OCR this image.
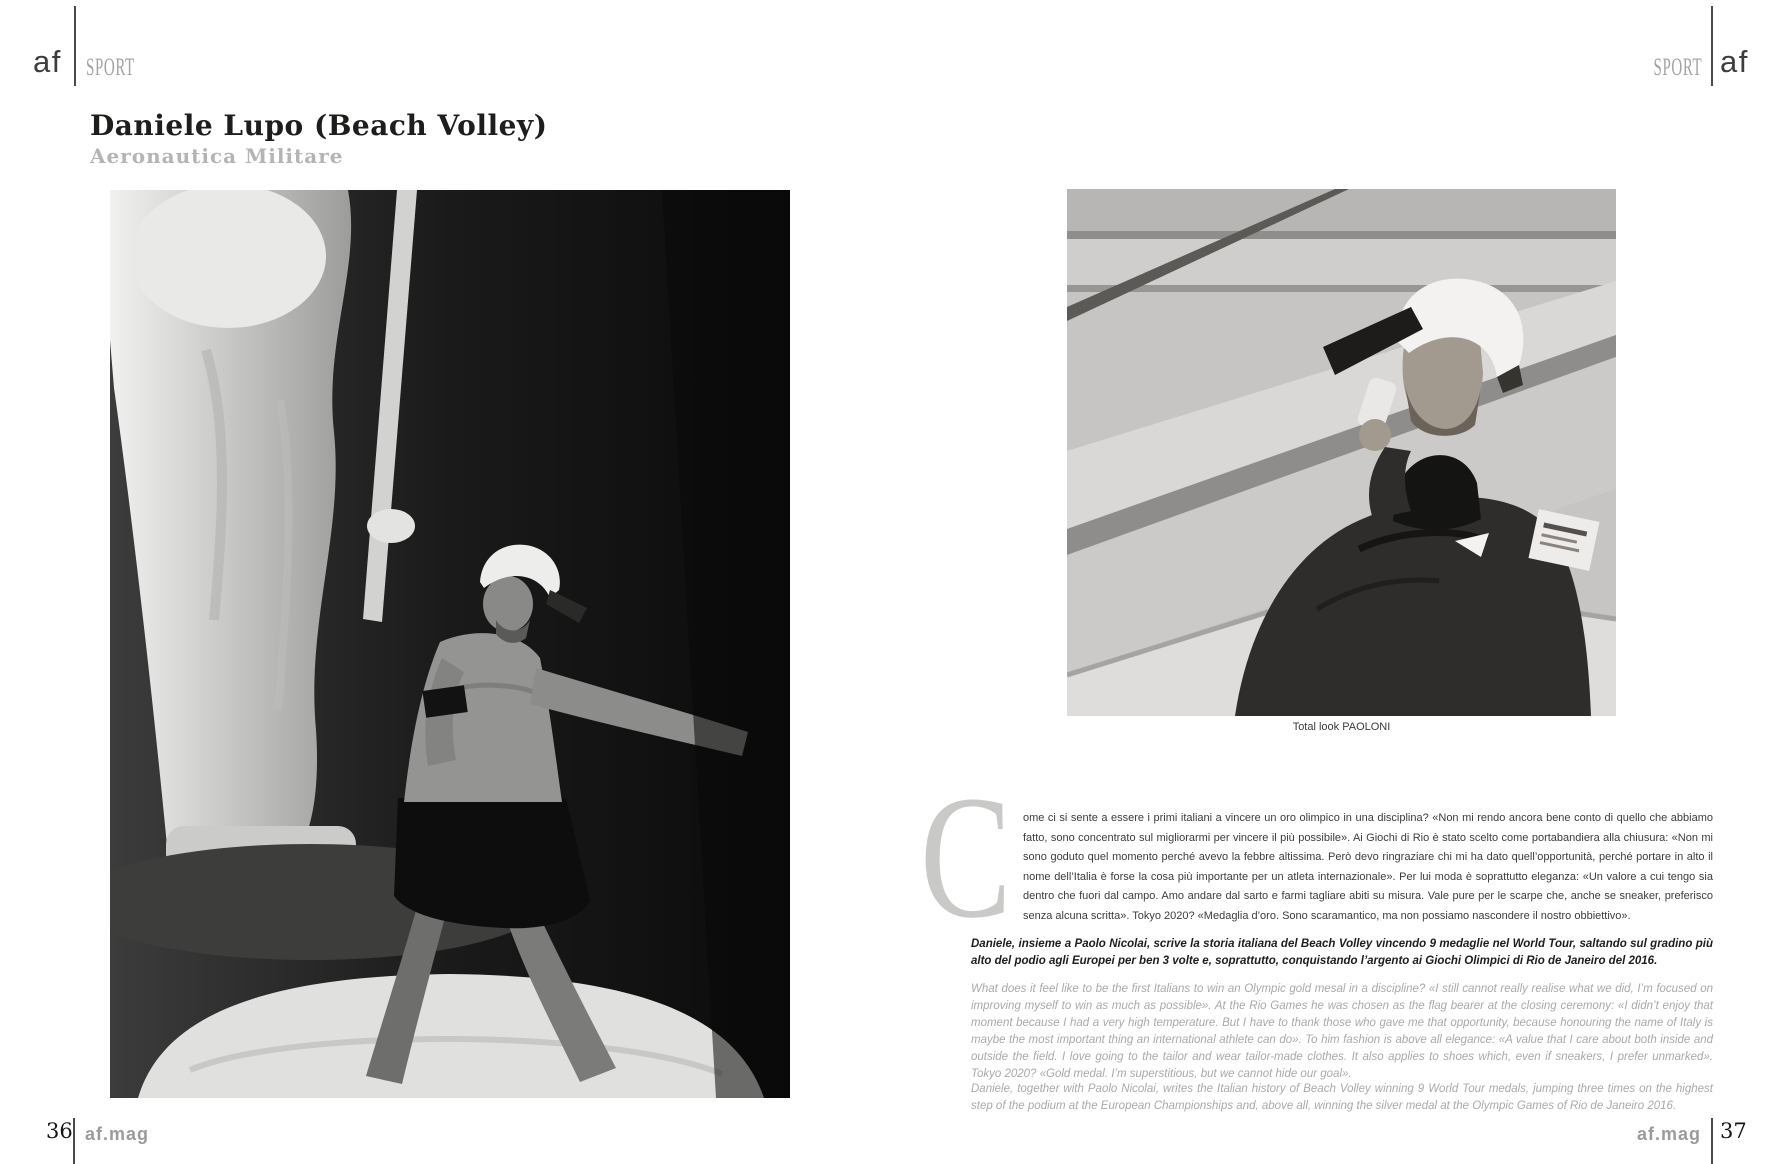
af SPORT	SPORT af
Daniele Lupo (Beach Volley)
Aeronautica Militare
Total look PAOLONI
C ome ci si sente a essere i primi italiani a vincere un oro olimpico in una disciplina? «Non mi rendo ancora bene conto di quello che abbiamo fatto, sono concentrato sul migliorarmi per vincere il più possibile». Ai Giochi di Rio è stato scelto come portabandiera alla chiusura: «Non mi sono goduto quel momento perché avevo la febbre altissima. Però devo ringraziare chi mi ha dato quell’opportunità, perché portare in alto il nome dell’Italia è forse la cosa più importante per un atleta internazionale». Per lui moda è soprattutto eleganza: «Un valore a cui tengo sia dentro che fuori dal campo. Amo andare dal sarto e farmi tagliare abiti su misura. Vale pure per le scarpe che, anche se sneaker, preferisco senza alcuna scritta». Tokyo 2020? «Medaglia d’oro. Sono scaramantico, ma non possiamo nascondere il nostro obbiettivo».
Daniele, insieme a Paolo Nicolai, scrive la storia italiana del Beach Volley vincendo 9 medaglie nel World Tour, saltando sul gradino più alto del podio agli Europei per ben 3 volte e, soprattutto, conquistando l’argento ai Giochi Olimpici di Rio de Janeiro del 2016.
What does it feel like to be the first Italians to win an Olympic gold mesal in a discipline? «I still cannot really realise what we did, I’m focused on improving myself to win as much as possible». At the Rio Games he was chosen as the flag bearer at the closing ceremony: «I didn’t enjoy that moment because I had a very high temperature. But I have to thank those who gave me that opportunity, because honouring the name of Italy is maybe the most important thing an international athlete can do». To him fashion is above all elegance: «A value that I care about both inside and outside the field. I love going to the tailor and wear tailor-made clothes. It also applies to shoes which, even if sneakers, I prefer unmarked». Tokyo 2020? «Gold medal. I’m superstitious, but we cannot hide our goal».
Daniele, together with Paolo Nicolai, writes the Italian history of Beach Volley winning 9 World Tour medals, jumping three times on the highest step of the podium at the European Championships and, above all, winning the silver medal at the Olympic Games of Rio de Janeiro 2016.
36 af.mag	af.mag 37
